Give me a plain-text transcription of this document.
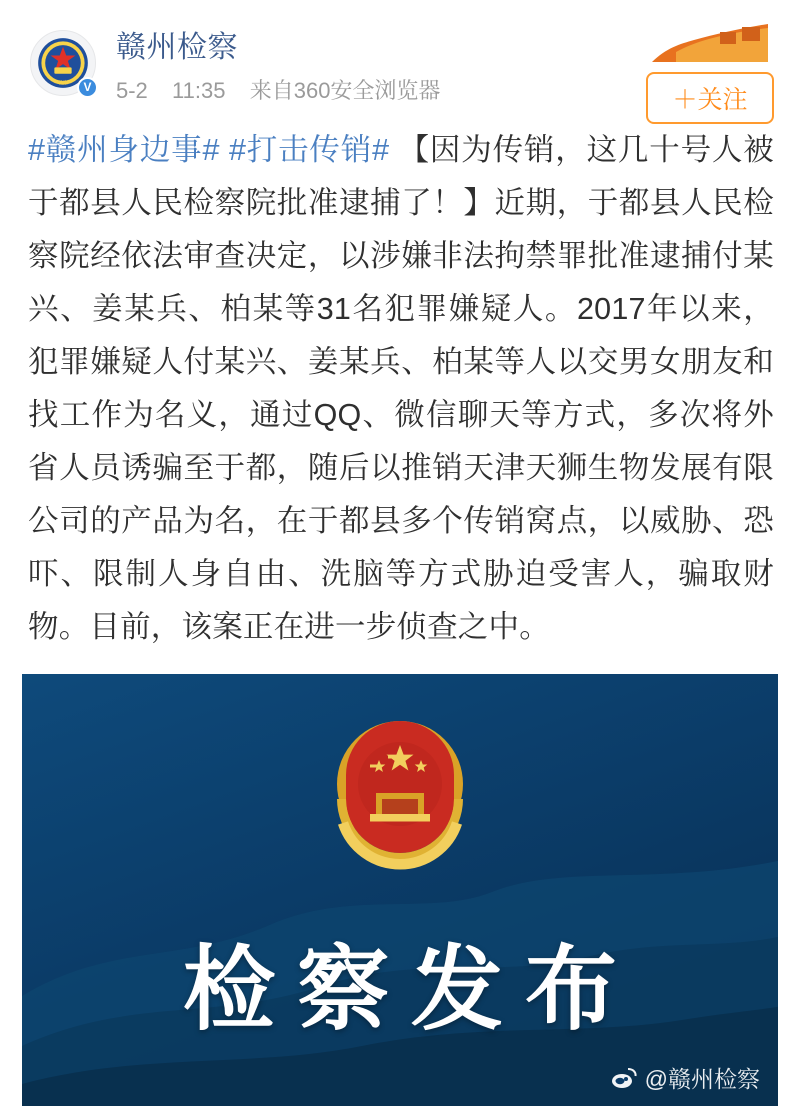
检察	V
赣州检察
5-2 11:35 来自360安全浏览器	＋关注
#赣州身边事# #打击传销# 【因为传销，这几十号人被于都县人民检察院批准逮捕了！】近期，于都县人民检察院经依法审查决定，以涉嫌非法拘禁罪批准逮捕付某兴、姜某兵、柏某等31名犯罪嫌疑人。2017年以来，犯罪嫌疑人付某兴、姜某兵、柏某等人以交男女朋友和找工作为名义，通过QQ、微信聊天等方式，多次将外省人员诱骗至于都，随后以推销天津天狮生物发展有限公司的产品为名，在于都县多个传销窝点，以威胁、恐吓、限制人身自由、洗脑等方式胁迫受害人，骗取财物。目前，该案正在进一步侦查之中。
检察发布
@赣州检察
